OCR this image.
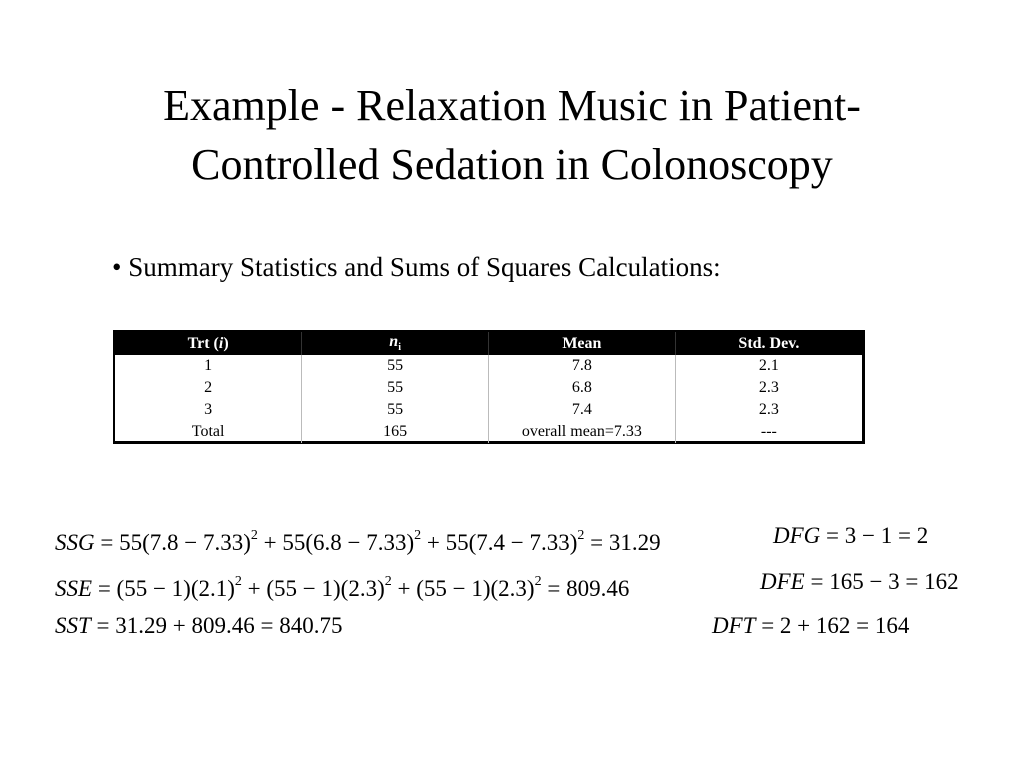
Example - Relaxation Music in Patient-
Controlled Sedation in Colonoscopy
• Summary Statistics and Sums of Squares Calculations:
Trt (i)	$n_i$	Mean	Std. Dev.
1	55	7.8	2.1
2	55	6.8	2.3
3	55	7.4	2.3
Total	165	overall mean=7.33	---
SSG = $55(7.8 - 7.33)^2 + 55(6.8 - 7.33)^2 + 55(7.4 - 7.33)^2 = 31.29$	DFG = 3 − 1 = 2
SSE = $(55 - 1)(2.1)^2 + (55 - 1)(2.3)^2 + (55 - 1)(2.3)^2 = 809.46$	DFE = 165 − 3 = 162
SST = 31.29 + 809.46 = 840.75	DFT = 2 + 162 = 164
